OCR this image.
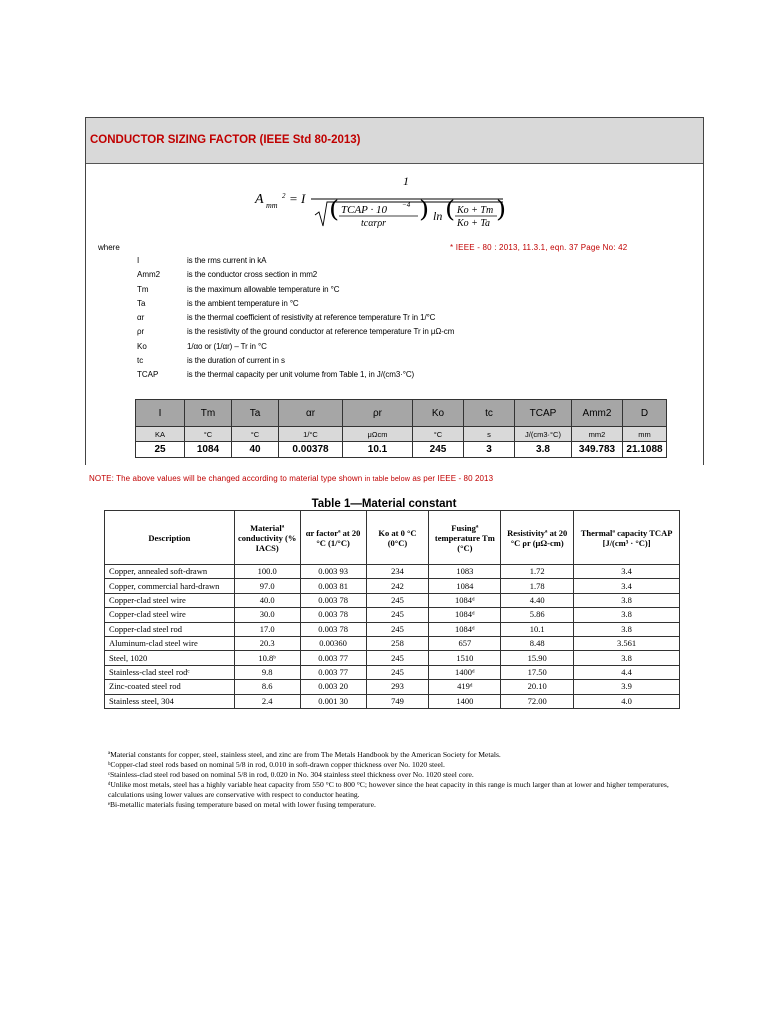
CONDUCTOR SIZING FACTOR (IEEE Std 80-2013)
A mm
2 = I
1
( TCAP · 10 −4
tcαrρr
) ln ( Ko + Tm
Ko + Ta
)
where	* IEEE - 80 : 2013, 11.3.1, eqn. 37 Page No: 42
I	is the rms current in kA
Amm2	is the conductor cross section in mm2
Tm	is the maximum allowable temperature in °C
Ta	is the ambient temperature in °C
αr	is the thermal coefficient of resistivity at reference temperature Tr in 1/°C
ρr	is the resistivity of the ground conductor at reference temperature Tr in μΩ-cm
Ko	1/αo or (1/αr) – Tr in °C
tc	is the duration of current in s
TCAP	is the thermal capacity per unit volume from Table 1, in J/(cm3·°C)
I	Tm	Ta	αr	ρr	Ko	tc	TCAP	Amm2	D
KA	°C	°C	1/°C	μΩcm	°C	s	J/(cm3·°C)	mm2	mm
25	1084	40	0.00378	10.1	245	3	3.8	349.783	21.1088
NOTE: The above values will be changed according to material type shown in table below as per IEEE - 80 2013
Table 1—Material constant
Description	Materialª conductivity (% IACS)	αr factorª at 20 °C (1/°C)	Ko at 0 °C (0°C)	Fusingª temperature Tm (°C)	Resistivityª at 20 °C ρr (μΩ-cm)	Thermalª capacity TCAP [J/(cm³ · °C)]
Copper, annealed soft-drawn	100.0	0.003 93	234	1083	1.72	3.4
Copper, commercial hard-drawn	97.0	0.003 81	242	1084	1.78	3.4
Copper-clad steel wire	40.0	0.003 78	245	1084ᵈ	4.40	3.8
Copper-clad steel wire	30.0	0.003 78	245	1084ᵈ	5.86	3.8
Copper-clad steel rod	17.0	0.003 78	245	1084ᵈ	10.1	3.8
Aluminum-clad steel wire	20.3	0.00360	258	657	8.48	3.561
Steel, 1020	10.8ᵇ	0.003 77	245	1510	15.90	3.8
Stainless-clad steel rodᶜ	9.8	0.003 77	245	1400ᵈ	17.50	4.4
Zinc-coated steel rod	8.6	0.003 20	293	419ᵈ	20.10	3.9
Stainless steel, 304	2.4	0.001 30	749	1400	72.00	4.0
ªMaterial constants for copper, steel, stainless steel, and zinc are from The Metals Handbook by the American Society for Metals.
ᵇCopper-clad steel rods based on nominal 5/8 in rod, 0.010 in soft-drawn copper thickness over No. 1020 steel.
ᶜStainless-clad steel rod based on nominal 5/8 in rod, 0.020 in No. 304 stainless steel thickness over No. 1020 steel core.
ᵈUnlike most metals, steel has a highly variable heat capacity from 550 °C to 800 °C; however since the heat capacity in this range is much larger than at lower and higher temperatures, calculations using lower values are conservative with respect to conductor heating.
ᵉBi-metallic materials fusing temperature based on metal with lower fusing temperature.
